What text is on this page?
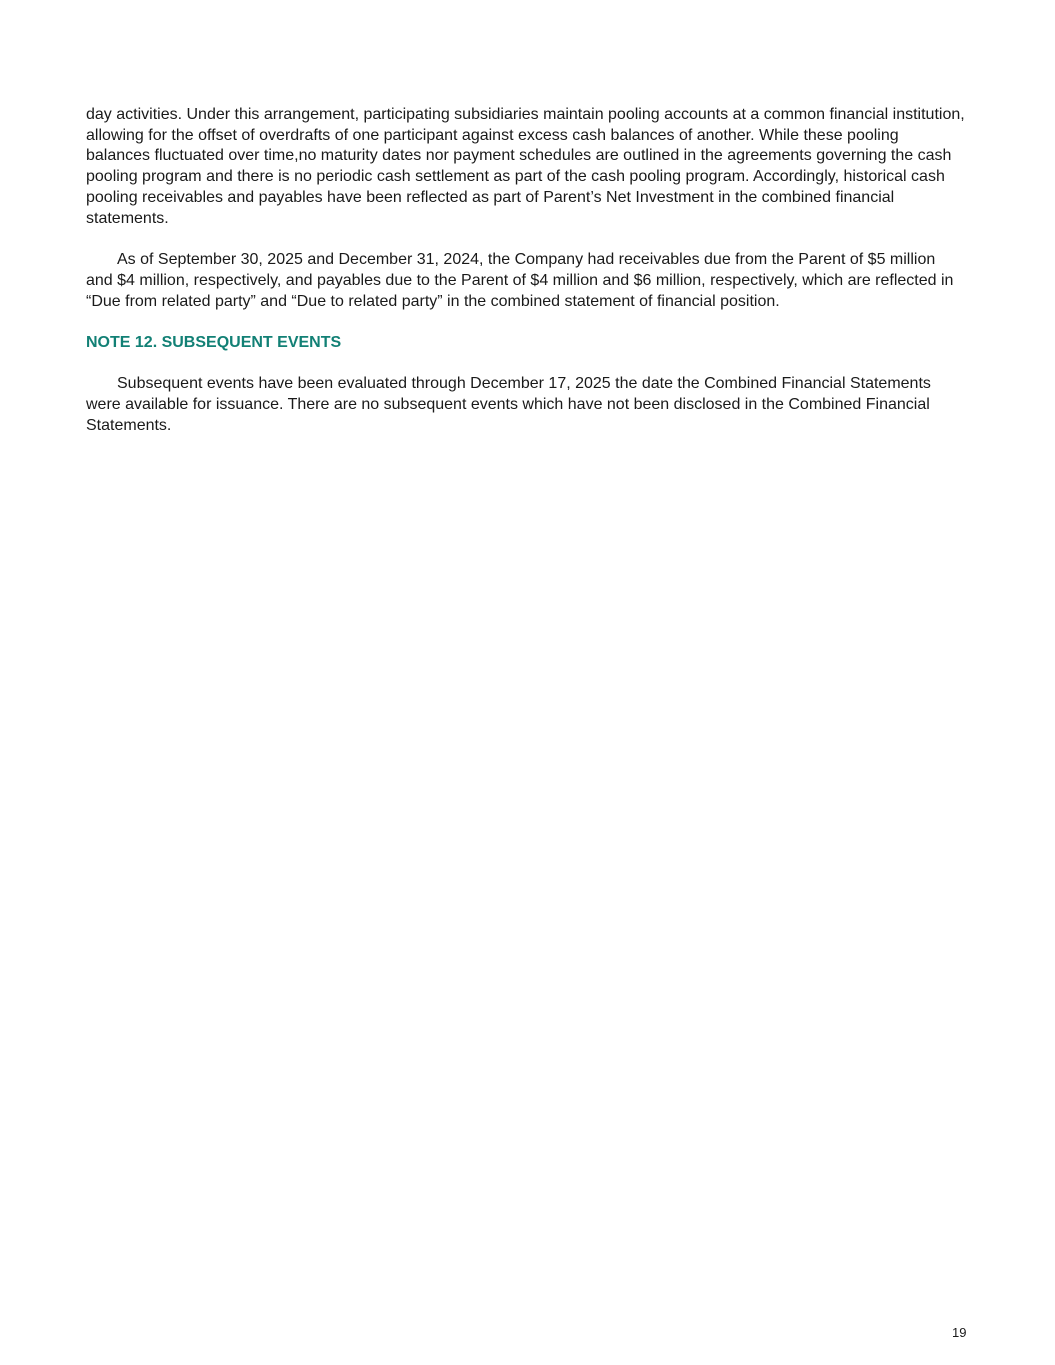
day activities. Under this arrangement, participating subsidiaries maintain pooling accounts at a common financial institution, allowing for the offset of overdrafts of one participant against excess cash balances of another. While these pooling balances fluctuated over time,no maturity dates nor payment schedules are outlined in the agreements governing the cash pooling program and there is no periodic cash settlement as part of the cash pooling program. Accordingly, historical cash pooling receivables and payables have been reflected as part of Parent’s Net Investment in the combined financial statements.

As of September 30, 2025 and December 31, 2024, the Company had receivables due from the Parent of $5 million and $4 million, respectively, and payables due to the Parent of $4 million and $6 million, respectively, which are reflected in “Due from related party” and “Due to related party” in the combined statement of financial position.

NOTE 12. SUBSEQUENT EVENTS

Subsequent events have been evaluated through December 17, 2025 the date the Combined Financial Statements were available for issuance. There are no subsequent events which have not been disclosed in the Combined Financial Statements.

19
